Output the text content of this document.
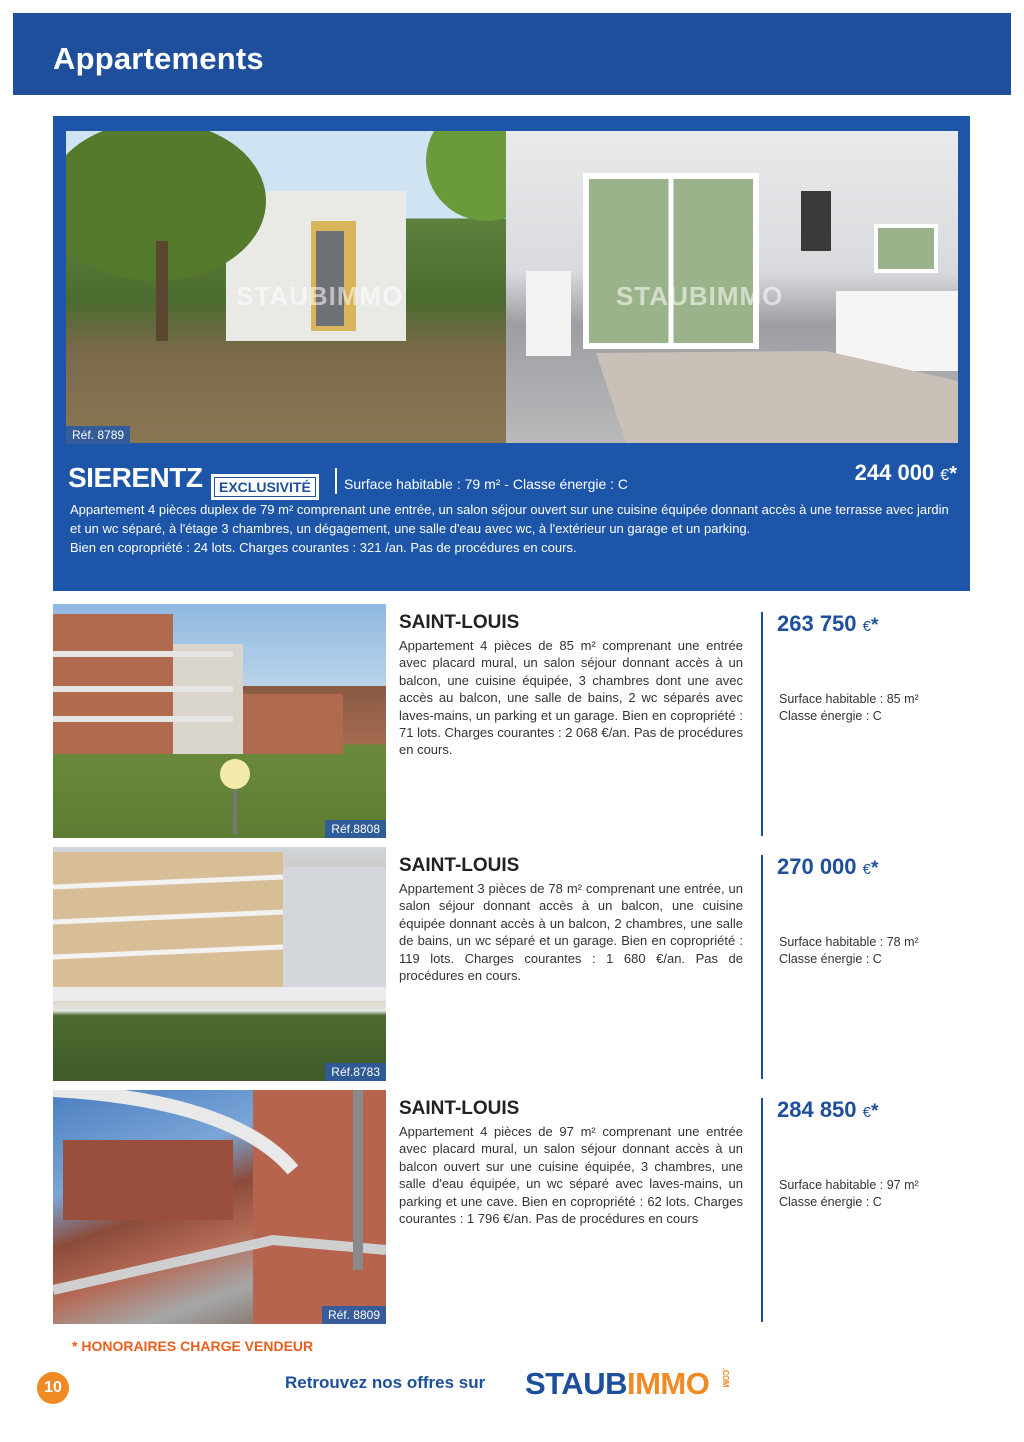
Appartements
STAUBIMMO	STAUBIMMO
Réf. 8789
SIERENTZ	EXCLUSIVITÉ	Surface habitable : 79 m² - Classe énergie : C	244 000 €*
Appartement 4 pièces duplex de 79 m² comprenant une entrée, un salon séjour ouvert sur une cuisine équipée donnant accès à une terrasse avec jardin et un wc séparé, à l'étage 3 chambres, un dégagement, une salle d'eau avec wc, à l'extérieur un garage et un parking.
Bien en copropriété : 24 lots. Charges courantes : 321 /an. Pas de procédures en cours.
Réf.8808
SAINT-LOUIS
Appartement 4 pièces de 85 m² comprenant une entrée avec placard mural, un salon séjour donnant accès à un balcon, une cuisine équipée, 3 chambres dont une avec accès au balcon, une salle de bains, 2 wc séparés avec laves-mains, un parking et un garage. Bien en copropriété : 71 lots. Charges courantes : 2 068 €/an. Pas de procédures en cours.
263 750 €*
Surface habitable : 85 m²
Classe énergie : C
Réf.8783
SAINT-LOUIS
Appartement 3 pièces de 78 m² comprenant une entrée, un salon séjour donnant accès à un balcon, une cuisine équipée donnant accès à un balcon, 2 chambres, une salle de bains, un wc séparé et un garage. Bien en copropriété : 119 lots. Charges courantes : 1 680 €/an. Pas de procédures en cours.
270 000 €*
Surface habitable : 78 m²
Classe énergie : C
Réf. 8809
SAINT-LOUIS
Appartement 4 pièces de 97 m² comprenant une entrée avec placard mural, un salon séjour donnant accès à un balcon ouvert sur une cuisine équipée, 3 chambres, une salle d'eau équipée, un wc séparé avec laves-mains, un parking et une cave. Bien en copropriété : 62 lots. Charges courantes : 1 796 €/an. Pas de procédures en cours
284 850 €*
Surface habitable : 97 m²
Classe énergie : C
* HONORAIRES CHARGE VENDEUR
10	Retrouvez nos offres sur STAUBIMMO .COM
